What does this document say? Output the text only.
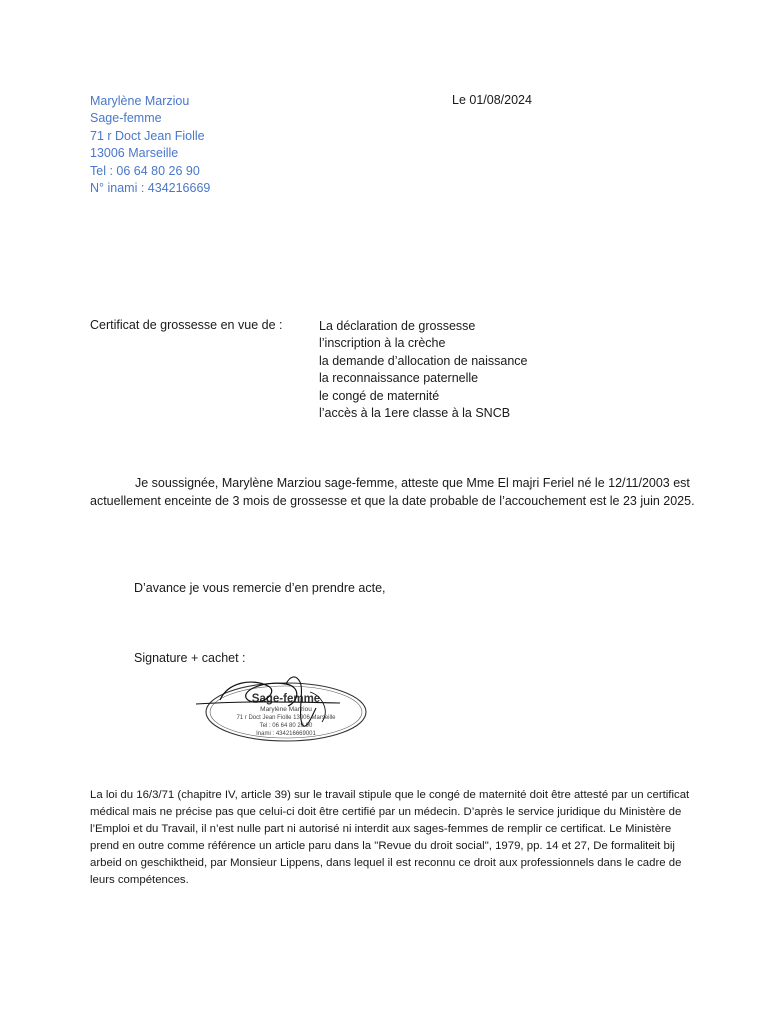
Marylène Marziou
Sage-femme
71 r Doct Jean Fiolle
13006 Marseille
Tel : 06 64 80 26 90
N° inami : 434216669
Le 01/08/2024
Certificat de grossesse en vue de :	La déclaration de grossesse
l’inscription à la crèche
la demande d’allocation de naissance
la reconnaissance paternelle
le congé de maternité
l’accès à la 1ere classe à la SNCB
Je soussignée, Marylène Marziou sage-femme, atteste que Mme El majri Feriel né le 12/11/2003 est actuellement enceinte de 3 mois de grossesse et que la date probable de l’accouchement est le 23 juin 2025.
D’avance je vous remercie d’en prendre acte,
Signature + cachet :
Sage-femme
Marylène Marziou
71 r Doct Jean Fiolle 13006 Marseille
Tel : 06 64 80 26 90
Inami : 434216669001
La loi du 16/3/71 (chapitre IV, article 39) sur le travail stipule que le congé de maternité doit être attesté par un certificat médical mais ne précise pas que celui-ci doit être certifié par un médecin. D’après le service juridique du Ministère de l’Emploi et du Travail, il n’est nulle part ni autorisé ni interdit aux sages-femmes de remplir ce certificat. Le Ministère prend en outre comme référence un article paru dans la "Revue du droit social", 1979, pp. 14 et 27, De formaliteit bij arbeid on geschiktheid, par Monsieur Lippens, dans lequel il est reconnu ce droit aux professionnels dans le cadre de leurs compétences.
